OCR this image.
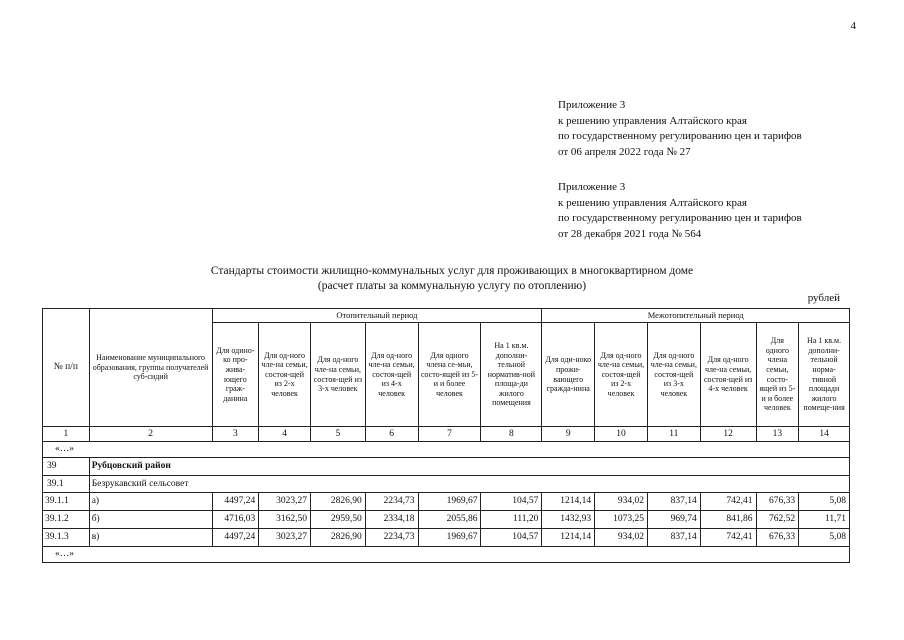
4
Приложение 3
к решению управления Алтайского края
по государственному регулированию цен и тарифов
от 06 апреля 2022 года № 27
Приложение 3
к решению управления Алтайского края
по государственному регулированию цен и тарифов
от 28 декабря 2021 года № 564
Стандарты стоимости жилищно-коммунальных услуг для проживающих в многоквартирном доме
(расчет платы за коммунальную услугу по отоплению)
рублей
№ п/п	Наименование муниципального образования, группы получателей суб-сидий	Отопительный период						Межотопительный период					
		Для одино-ко про-жива-ющего граж-данина	Для од-ного чле-на семьи, состоя-щей из 2-х человек	Для од-ного чле-на семьи, состоя-щей из 3-х человек	Для од-ного чле-на семьи, состоя-щей из 4-х человек	Для одного члена се-мьи, состо-ящей из 5-и и более человек	На 1 кв.м. дополни-тельной норматив-ной площа-ди жилого помещения	Для оди-ноко прожи-вающего гражда-нина	Для од-ного чле-на семьи, состоя-щей из 2-х человек	Для од-ного чле-на семьи, состоя-щей из 3-х человек	Для од-ного чле-на семьи, состоя-щей из 4-х человек	Для одного члена семьи, состо-ящей из 5-и и более человек	На 1 кв.м. дополни-тельной норма-тивной площади жилого помеще-ния
1	2	3	4	5	6	7	8	9	10	11	12	13	14
«…»													
39	Рубцовский район												
39.1	Безрукавский сельсовет												
39.1.1	а)	4497,24	3023,27	2826,90	2234,73	1969,67	104,57	1214,14	934,02	837,14	742,41	676,33	5,08
39.1.2	б)	4716,03	3162,50	2959,50	2334,18	2055,86	111,20	1432,93	1073,25	969,74	841,86	762,52	11,71
39.1.3	в)	4497,24	3023,27	2826,90	2234,73	1969,67	104,57	1214,14	934,02	837,14	742,41	676,33	5,08
«…»													
